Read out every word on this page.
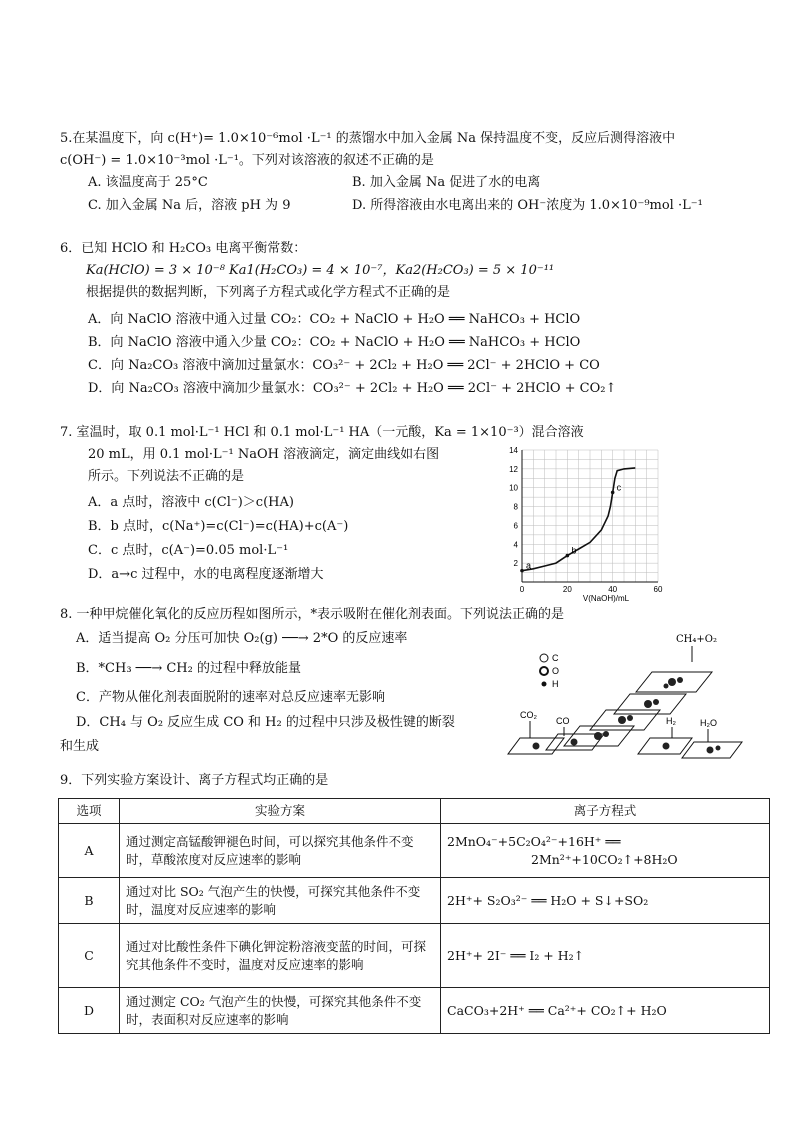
5.在某温度下，向 c(H⁺)= 1.0×10⁻⁶mol ·L⁻¹ 的蒸馏水中加入金属 Na 保持温度不变，反应后测得溶液中
c(OH⁻) = 1.0×10⁻³mol ·L⁻¹。下列对该溶液的叙述不正确的是
A. 该温度高于 25°C	B. 加入金属 Na 促进了水的电离
C. 加入金属 Na 后，溶液 pH 为 9	D. 所得溶液由水电离出来的 OH⁻浓度为 1.0×10⁻⁹mol ·L⁻¹
6．已知 HClO 和 H₂CO₃ 电离平衡常数：
Ka(HClO) = 3 × 10⁻⁸ Ka1(H₂CO₃) = 4 × 10⁻⁷，Ka2(H₂CO₃) = 5 × 10⁻¹¹
根据提供的数据判断，下列离子方程式或化学方程式不正确的是
A．向 NaClO 溶液中通入过量 CO₂：CO₂ + NaClO + H₂O ══ NaHCO₃ + HClO
B．向 NaClO 溶液中通入少量 CO₂：CO₂ + NaClO + H₂O ══ NaHCO₃ + HClO
C．向 Na₂CO₃ 溶液中滴加过量氯水：CO₃²⁻ + 2Cl₂ + H₂O ══ 2Cl⁻ + 2HClO + CO
D．向 Na₂CO₃ 溶液中滴加少量氯水：CO₃²⁻ + 2Cl₂ + H₂O ══ 2Cl⁻ + 2HClO + CO₂↑
7. 室温时，取 0.1 mol·L⁻¹ HCl 和 0.1 mol·L⁻¹ HA（一元酸，Ka = 1×10⁻³）混合溶液
20 mL，用 0.1 mol·L⁻¹ NaOH 溶液滴定，滴定曲线如右图
所示。下列说法不正确的是
A．a 点时，溶液中 c(Cl⁻)＞c(HA)
B．b 点时，c(Na⁺)=c(Cl⁻)=c(HA)+c(A⁻)
C．c 点时，c(A⁻)=0.05 mol·L⁻¹
D．a→c 过程中，水的电离程度逐渐增大
2
4
6
8
10
12
14
0	20	40	60
a
b
c
V(NaOH)/mL
8. 一种甲烷催化氧化的反应历程如图所示，*表示吸附在催化剂表面。下列说法正确的是
A．适当提高 O₂ 分压可加快 O₂(g) ──→ 2*O 的反应速率
B．*CH₃ ──→ CH₂ 的过程中释放能量
C．产物从催化剂表面脱附的速率对总反应速率无影响
D．CH₄ 与 O₂ 反应生成 CO 和 H₂ 的过程中只涉及极性键的断裂
和生成
CH₄+O₂
C
O
H
CO₂
CO	H₂	H₂O
9．下列实验方案设计、离子方程式均正确的是
选项	实验方案	离子方程式
A	通过测定高锰酸钾褪色时间，可以探究其他条件不变时，草酸浓度对反应速率的影响	2MnO₄⁻+5C₂O₄²⁻+16H⁺ ══
2Mn²⁺+10CO₂↑+8H₂O

B	通过对比 SO₂ 气泡产生的快慢，可探究其他条件不变时，温度对反应速率的影响	2H⁺+ S₂O₃²⁻ ══ H₂O + S↓+SO₂
C	通过对比酸性条件下碘化钾淀粉溶液变蓝的时间，可探究其他条件不变时，温度对反应速率的影响	2H⁺+ 2I⁻ ══ I₂ + H₂↑
D	通过测定 CO₂ 气泡产生的快慢，可探究其他条件不变时，表面积对反应速率的影响	CaCO₃+2H⁺ ══ Ca²⁺+ CO₂↑+ H₂O
